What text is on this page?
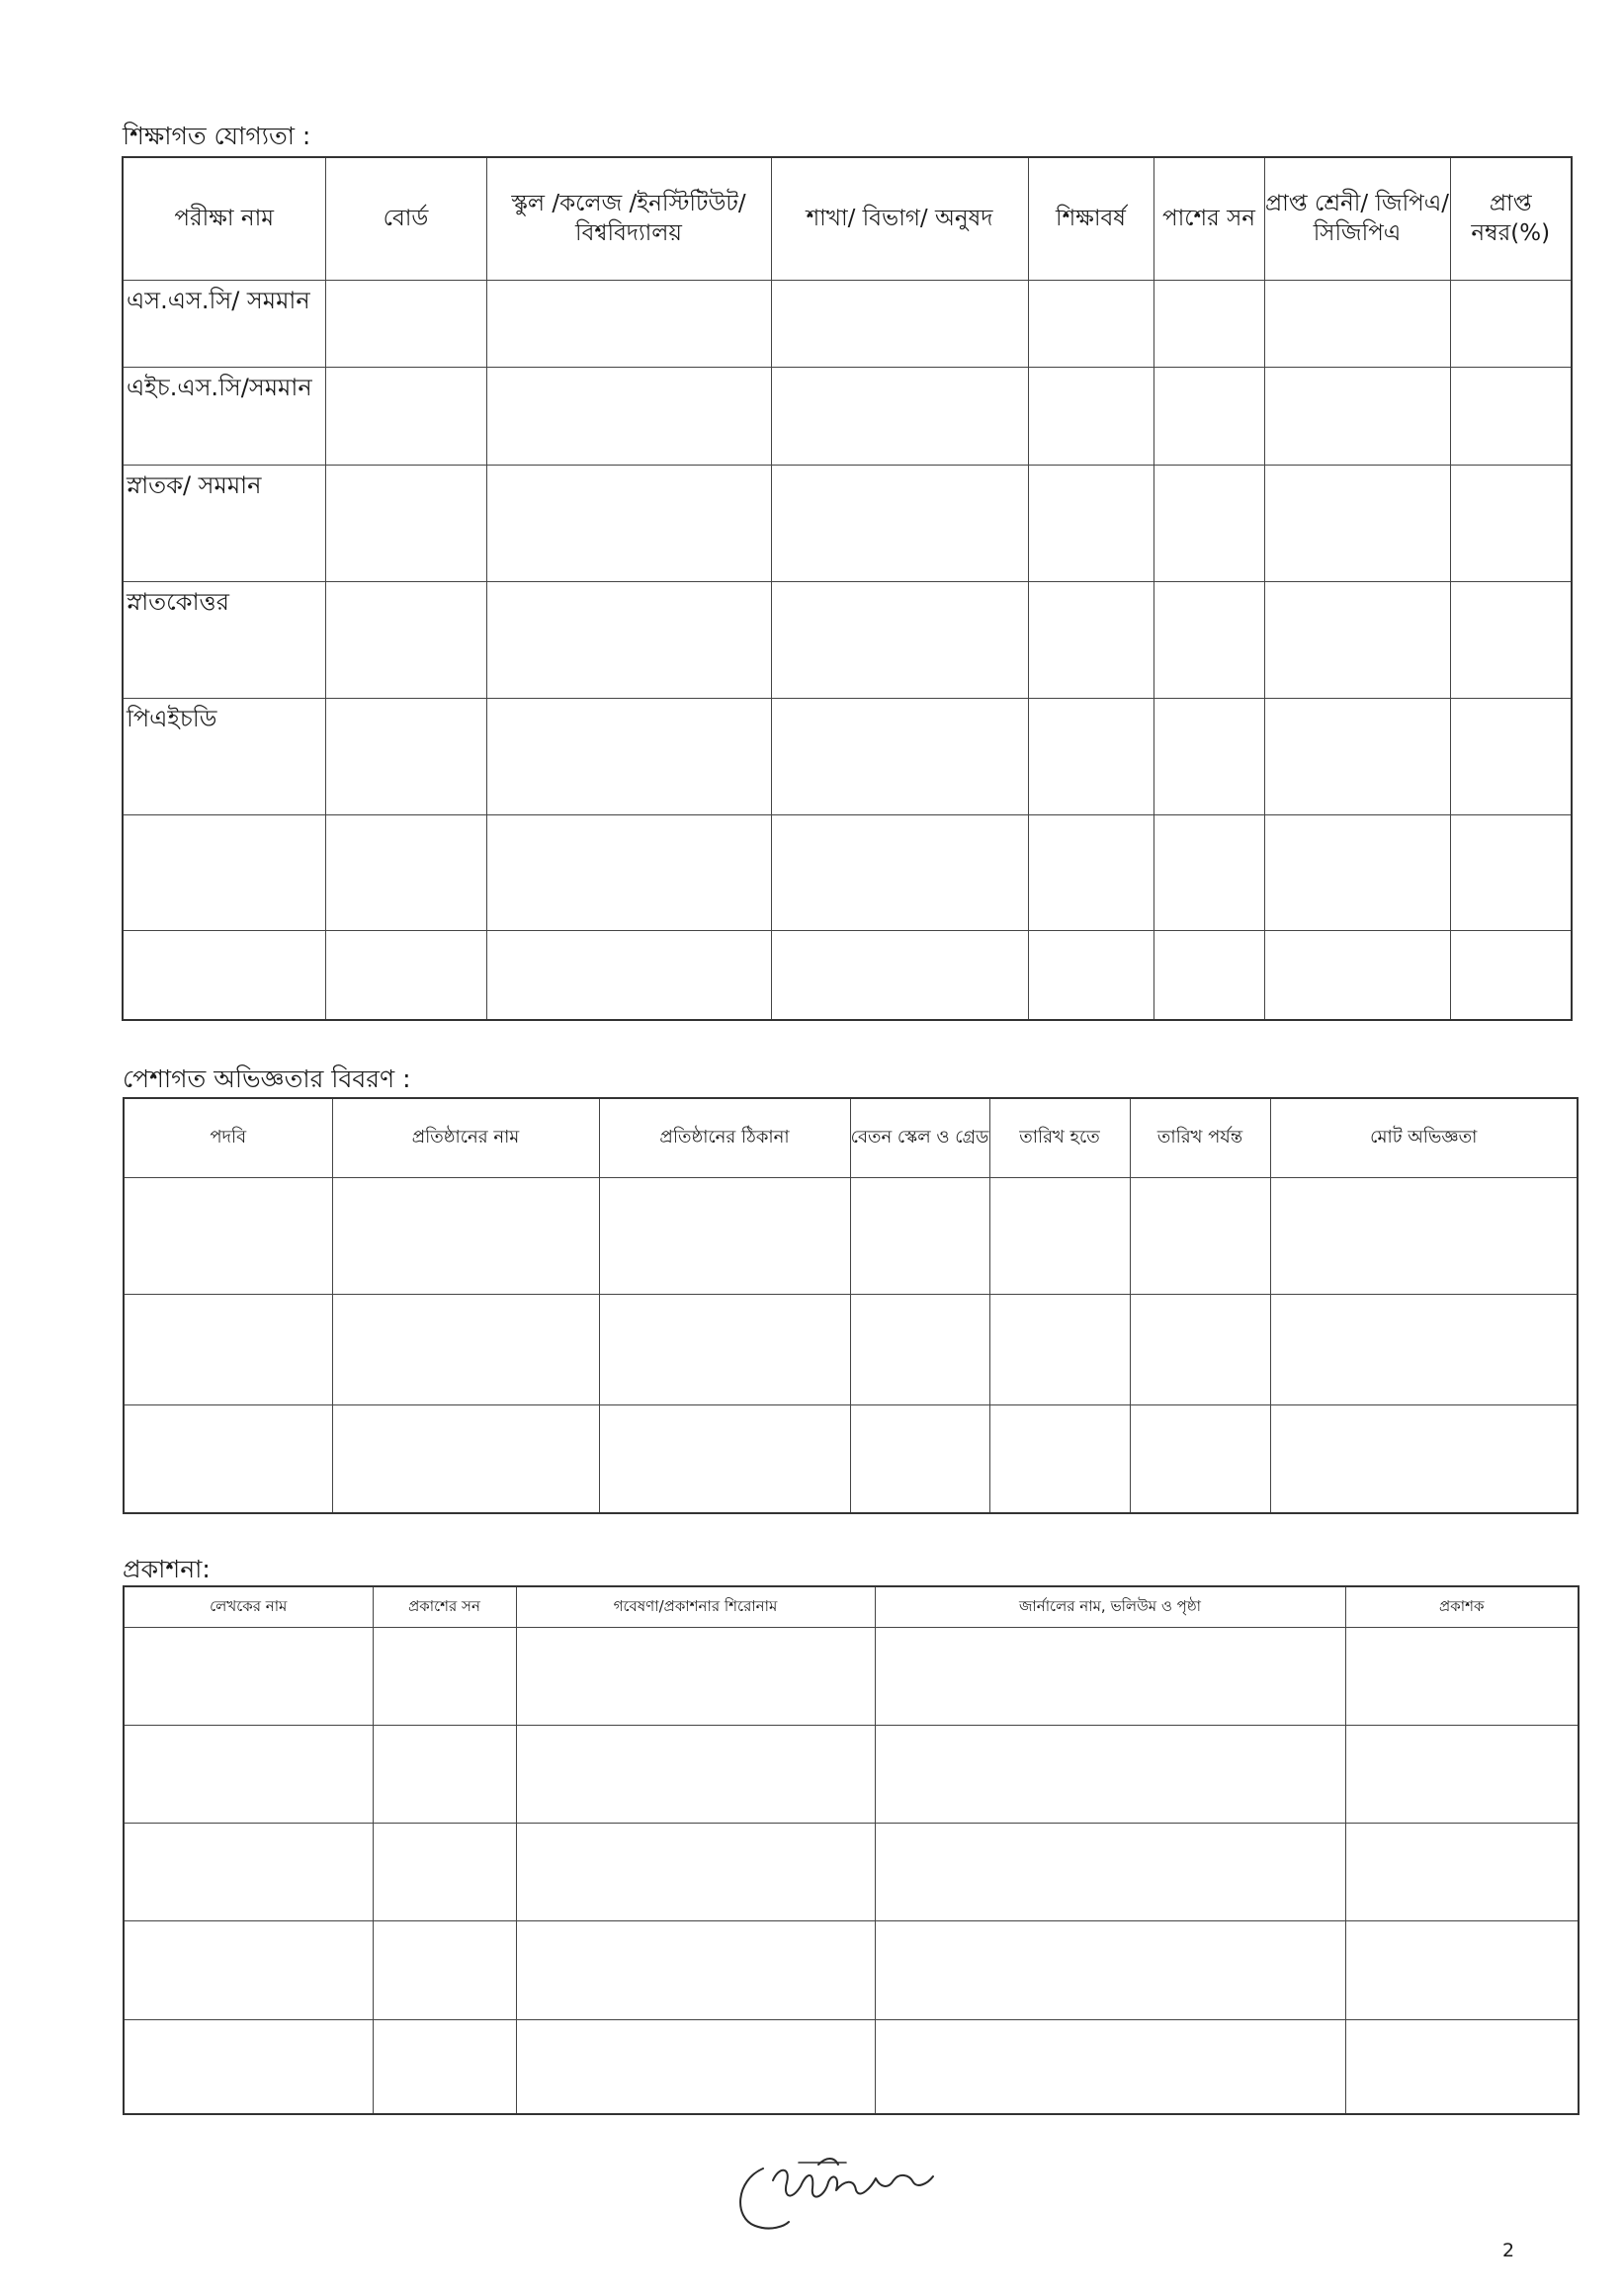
শিক্ষাগত যোগ্যতা :
পরীক্ষা নাম	বোর্ড	স্কুল /কলেজ /ইনস্টিটিউট/ বিশ্ববিদ্যালয়	শাখা/ বিভাগ/ অনুষদ	শিক্ষাবর্ষ	পাশের সন	প্রাপ্ত শ্রেনী/ জিপিএ/ সিজিপিএ	প্রাপ্ত নম্বর(%)
এস.এস.সি/ সমমান							
এইচ.এস.সি/সমমান							
স্নাতক/ সমমান							
স্নাতকোত্তর							
পিএইচডি							

পেশাগত অভিজ্ঞতার বিবরণ :
পদবি	প্রতিষ্ঠানের নাম	প্রতিষ্ঠানের ঠিকানা	বেতন স্কেল ও গ্রেড	তারিখ হতে	তারিখ পর্যন্ত	মোট অভিজ্ঞতা

প্রকাশনা:
লেখকের নাম	প্রকাশের সন	গবেষণা/প্রকাশনার শিরোনাম	জার্নালের নাম, ভলিউম ও পৃষ্ঠা	প্রকাশক

2
